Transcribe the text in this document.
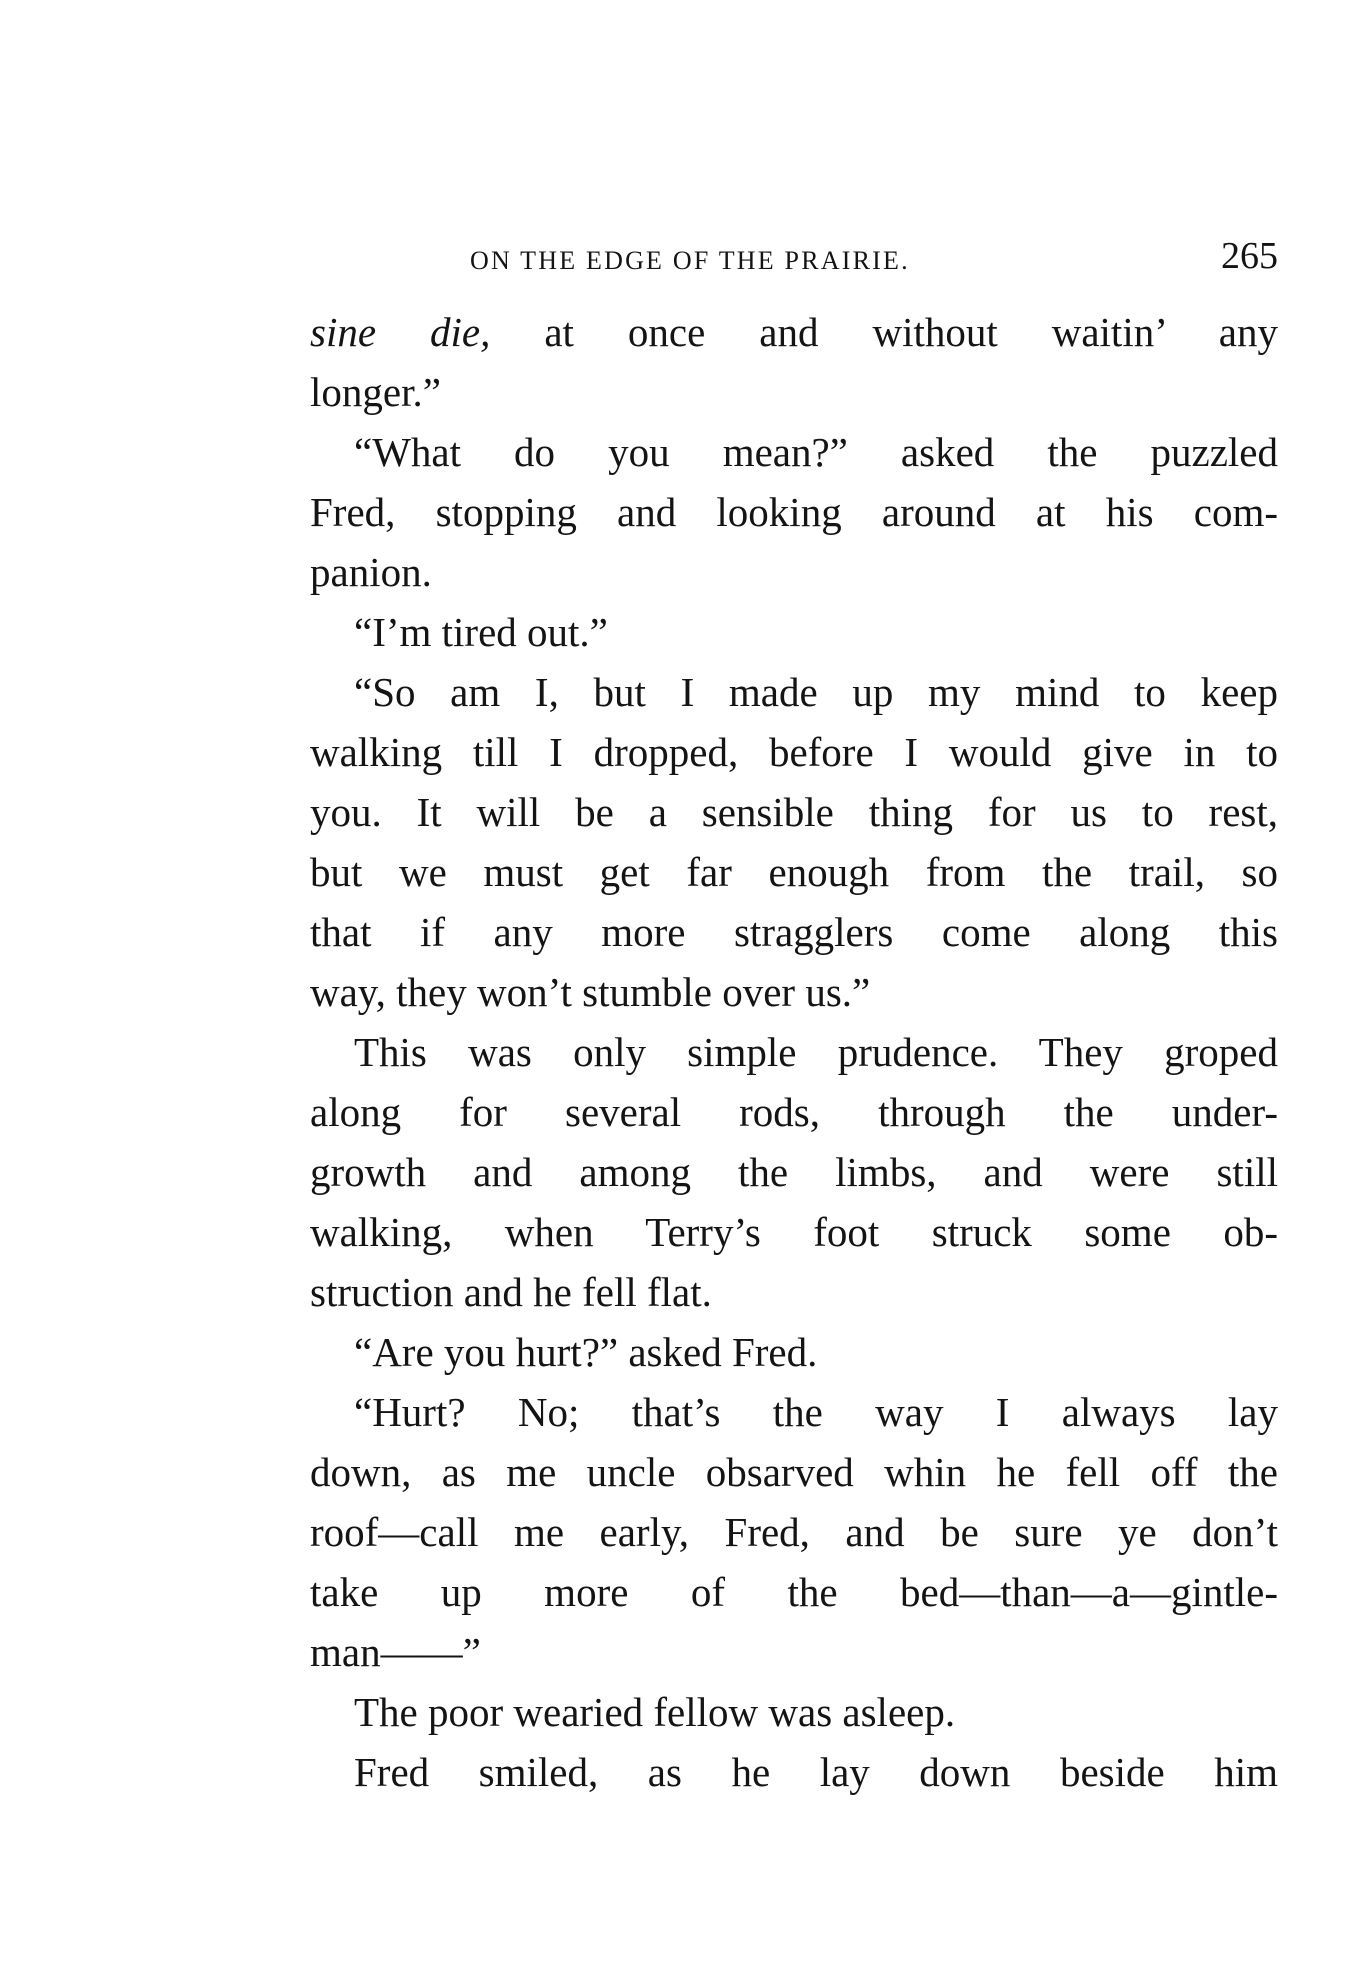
ON THE EDGE OF THE PRAIRIE.	265
sine die, at once and without waitin’ any
longer.”
“What do you mean?” asked the puzzled
Fred, stopping and looking around at his com-
panion.
“I’m tired out.”
“So am I, but I made up my mind to keep
walking till I dropped, before I would give in to
you. It will be a sensible thing for us to rest,
but we must get far enough from the trail, so
that if any more stragglers come along this
way, they won’t stumble over us.”
This was only simple prudence. They groped
along for several rods, through the under-
growth and among the limbs, and were still
walking, when Terry’s foot struck some ob-
struction and he fell flat.
“Are you hurt?” asked Fred.
“Hurt? No; that’s the way I always lay
down, as me uncle obsarved whin he fell off the
roof—call me early, Fred, and be sure ye don’t
take up more of the bed—than—a—gintle-
man——”
The poor wearied fellow was asleep.
Fred smiled, as he lay down beside him
